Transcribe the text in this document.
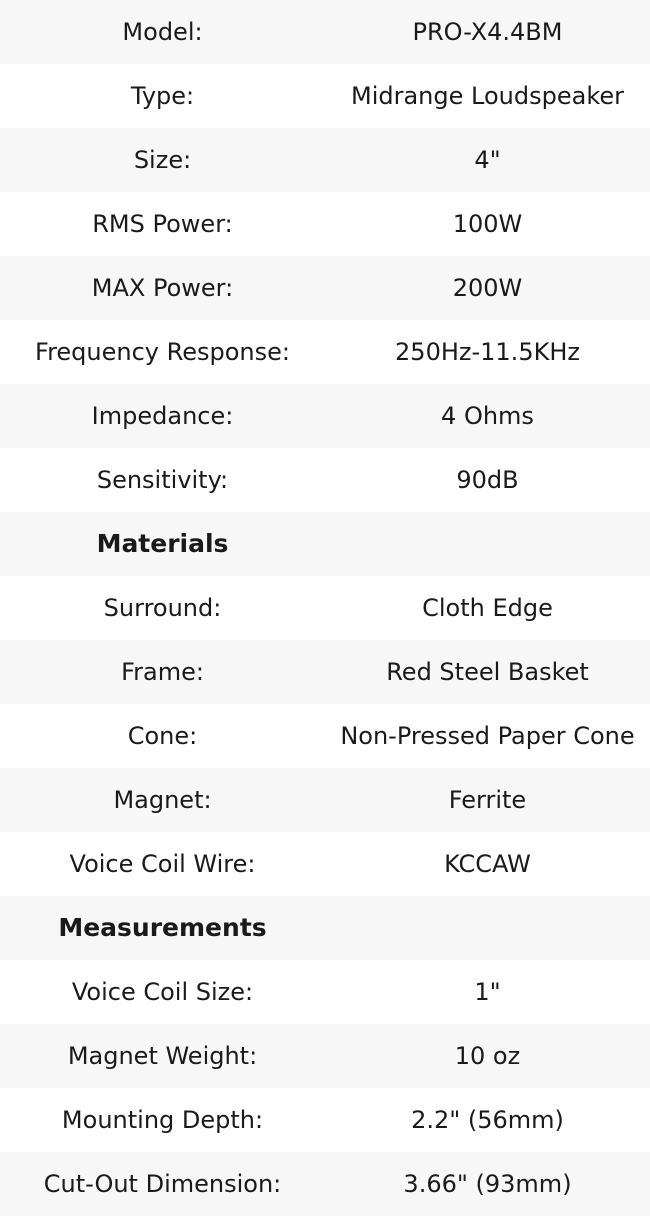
Model:	PRO-X4.4BM
Type:	Midrange Loudspeaker
Size:	4"
RMS Power:	100W
MAX Power:	200W
Frequency Response:	250Hz-11.5KHz
Impedance:	4 Ohms
Sensitivity:	90dB
Materials
Surround:	Cloth Edge
Frame:	Red Steel Basket
Cone:	Non-Pressed Paper Cone
Magnet:	Ferrite
Voice Coil Wire:	KCCAW
Measurements
Voice Coil Size:	1"
Magnet Weight:	10 oz
Mounting Depth:	2.2" (56mm)
Cut-Out Dimension:	3.66" (93mm)
